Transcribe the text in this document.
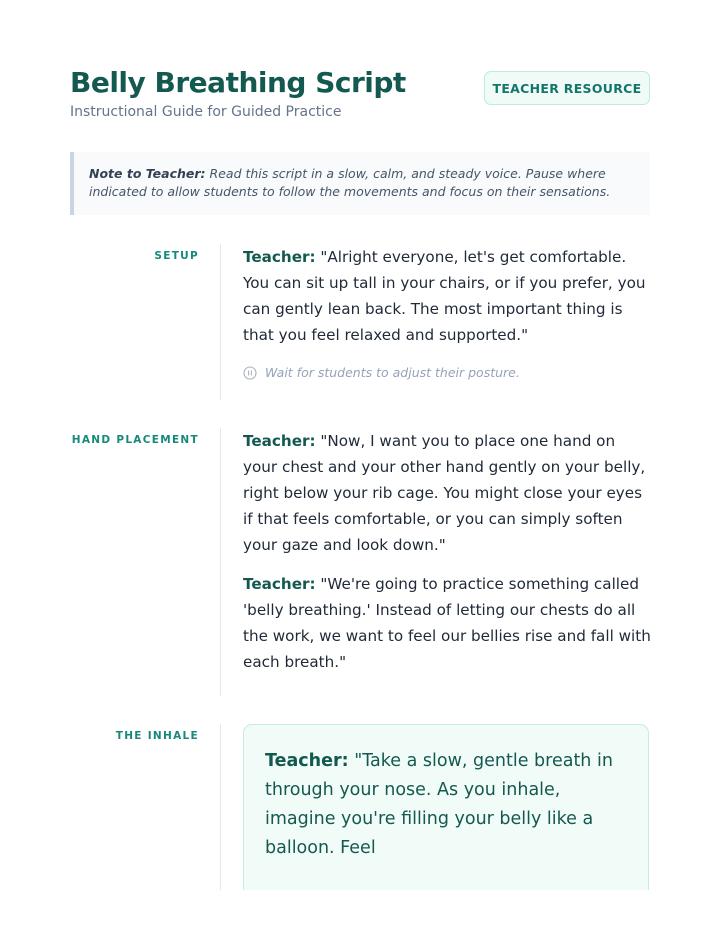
Belly Breathing Script
Instructional Guide for Guided Practice
TEACHER RESOURCE
Note to Teacher: Read this script in a slow, calm, and steady voice. Pause where indicated to allow students to follow the movements and focus on their sensations.
SETUP	Teacher: "Alright everyone, let's get comfortable. You can sit up tall in your chairs, or if you prefer, you can gently lean back. The most important thing is that you feel relaxed and supported."

Wait for students to adjust their posture.
HAND PLACEMENT	Teacher: "Now, I want you to place one hand on your chest and your other hand gently on your belly, right below your rib cage. You might close your eyes if that feels comfortable, or you can simply soften your gaze and look down."

Teacher: "We're going to practice something called 'belly breathing.' Instead of letting our chests do all the work, we want to feel our bellies rise and fall with each breath."

THE INHALE

Teacher: "Take a slow, gentle breath in through your nose. As you inhale, imagine you're filling your belly like a balloon. Feel
